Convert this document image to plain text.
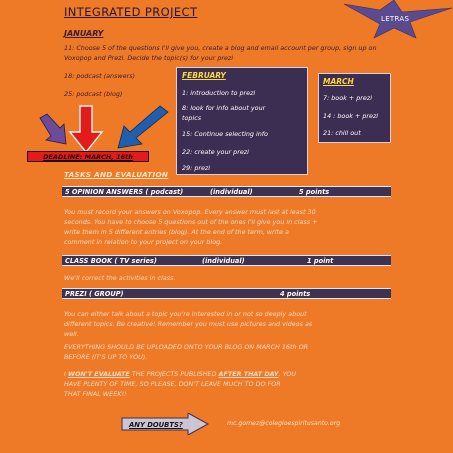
INTEGRATED PROJECT	LETRAS
JANUARY
11: Choose 5 of the questions I'll give you, create a blog and email account per group, sign up on Voxopop and Prezi. Decide the topic(s) for your prezi
18: podcast (answers)
25: podcast (blog)
FEBRUARY
1: introduction to prezi
8: look for info about your
topics
15: Continue selecting info
22: create your prezi
29: prezi
MARCH
7: book + prezi
14 : book + prezi
21: chill out
DEADLINE: MARCH, 16th
TASKS AND EVALUATION
5 OPINION ANSWERS ( podcast)	(individual)	5 points
You must record your answers on Voxopop. Every answer must last at least 30
seconds. You have to choose 5 questions out of the ones I'll give you in class +
write them in 5 different entries (blog). At the end of the term, write a
comment in relation to your project on your blog.
CLASS BOOK ( TV series)	(individual)	1 point
We'll correct the activities in class.
PREZI ( GROUP)	4 points
You can either talk about a topic you're interested in or not so deeply about
different topics. Be creative! Remember you must use pictures and videos as
well.
EVERYTHING SHOULD BE UPLOADED ONTO YOUR BLOG ON MARCH 16th OR
BEFORE (IT'S UP TO YOU).
I WON'T EVALUATE THE PROJECTS PUBLISHED AFTER THAT DAY. YOU
HAVE PLENTY OF TIME, SO PLEASE, DON'T LEAVE MUCH TO DO FOR
THAT FINAL WEEK!!
ANY DOUBTS?	mc.gomez@colegioespiritusanto.org
